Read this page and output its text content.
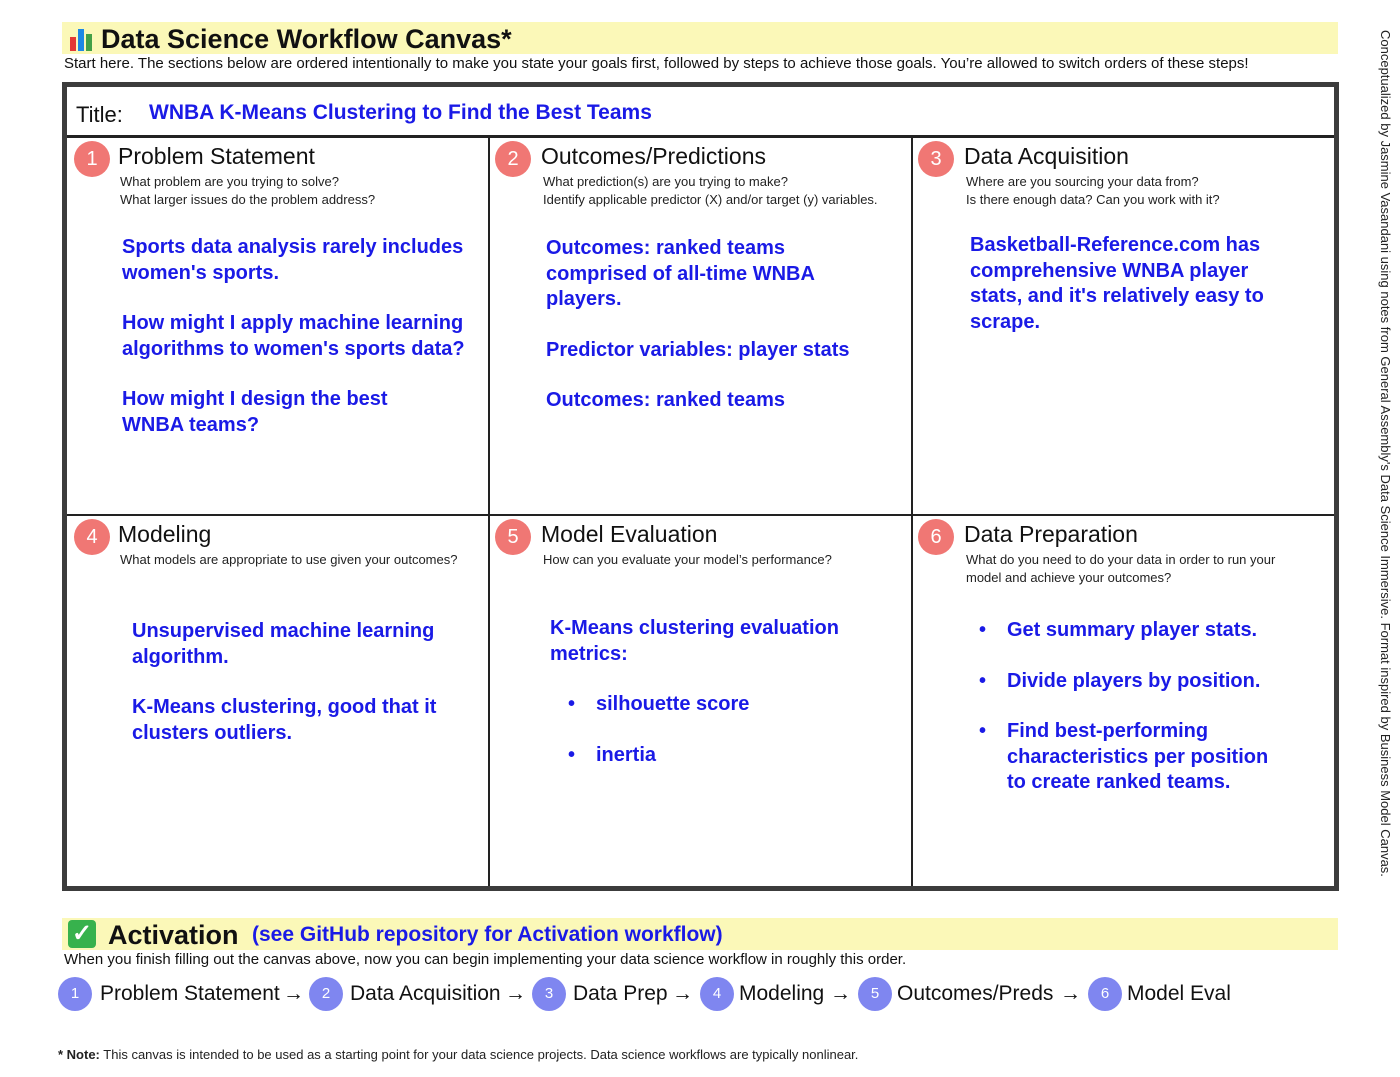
Data Science Workflow Canvas*
Start here. The sections below are ordered intentionally to make you state your goals first, followed by steps to achieve those goals. You’re allowed to switch orders of these steps!
Title: WNBA K-Means Clustering to Find the Best Teams
1 Problem Statement
What problem are you trying to solve?
What larger issues do the problem address?

Sports data analysis rarely includes women's sports.

How might I apply machine learning algorithms to women's sports data?

How might I design the best WNBA teams?

2 Outcomes/Predictions
What prediction(s) are you trying to make?
Identify applicable predictor (X) and/or target (y) variables.

Outcomes: ranked teams comprised of all-time WNBA players.

Predictor variables: player stats

Outcomes: ranked teams

3 Data Acquisition
Where are you sourcing your data from?
Is there enough data? Can you work with it?

Basketball-Reference.com has comprehensive WNBA player stats, and it's relatively easy to scrape.

4 Modeling
What models are appropriate to use given your outcomes?

Unsupervised machine learning algorithm.

K-Means clustering, good that it clusters outliers.

5 Model Evaluation
How can you evaluate your model’s performance?

K-Means clustering evaluation metrics:

• silhouette score
• inertia
6 Data Preparation
What do you need to do your data in order to run your model and achieve your outcomes?
• Get summary player stats.
• Divide players by position.
• Find best-performing characteristics per position to create ranked teams.
✓ Activation (see GitHub repository for Activation workflow)
When you finish filling out the canvas above, now you can begin implementing your data science workflow in roughly this order.
1 Problem Statement →	2 Data Acquisition →	3 Data Prep →	4 Modeling →	5 Outcomes/Preds →	6 Model Eval
* Note: This canvas is intended to be used as a starting point for your data science projects. Data science workflows are typically nonlinear.
Conceptualized by Jasmine Vasandani using notes from General Assembly's Data Science Immersive. Format inspired by Business Model Canvas.
